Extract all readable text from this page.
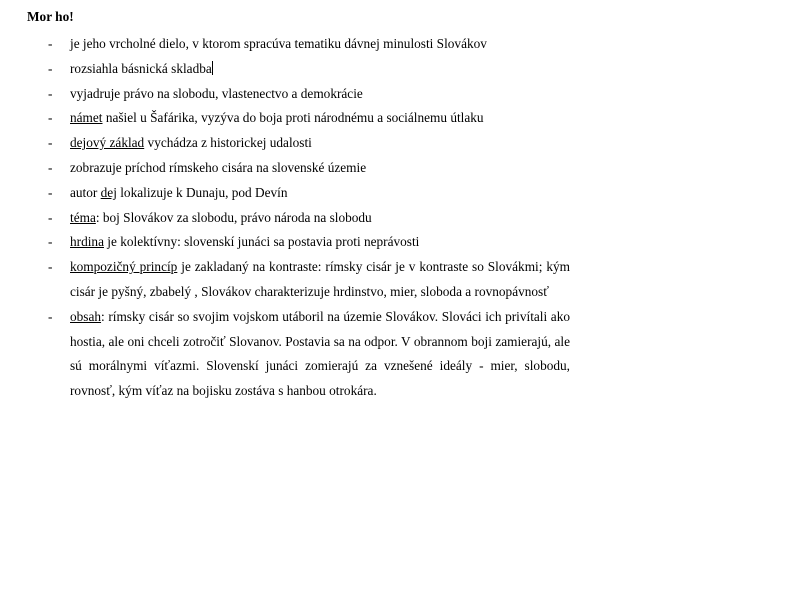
Mor ho!
- je jeho vrcholné dielo, v ktorom spracúva tematiku dávnej minulosti Slovákov
- rozsiahla básnická skladba
- vyjadruje právo na slobodu, vlastenectvo a demokrácie
- námet našiel u Šafárika, vyzýva do boja proti národnému a sociálnemu útlaku
- dejový základ vychádza z historickej udalosti
- zobrazuje príchod rímskeho cisára na slovenské územie
- autor dej lokalizuje k Dunaju, pod Devín
- téma: boj Slovákov za slobodu, právo národa na slobodu
- hrdina je kolektívny: slovenskí junáci sa postavia proti neprávosti
- kompozičný princíp je zakladaný na kontraste: rímsky cisár je v kontraste so Slovákmi; kým cisár je pyšný, zbabelý , Slovákov charakterizuje hrdinstvo, mier, sloboda a rovnopávnosť
- obsah: rímsky cisár so svojim vojskom utáboril na územie Slovákov. Slováci ich privítali ako hostia, ale oni chceli zotročiť Slovanov. Postavia sa na odpor. V obrannom boji zamierajú, ale sú morálnymi víťazmi. Slovenskí junáci zomierajú za vznešené ideály - mier, slobodu, rovnosť, kým víťaz na bojisku zostáva s hanbou otrokára.
